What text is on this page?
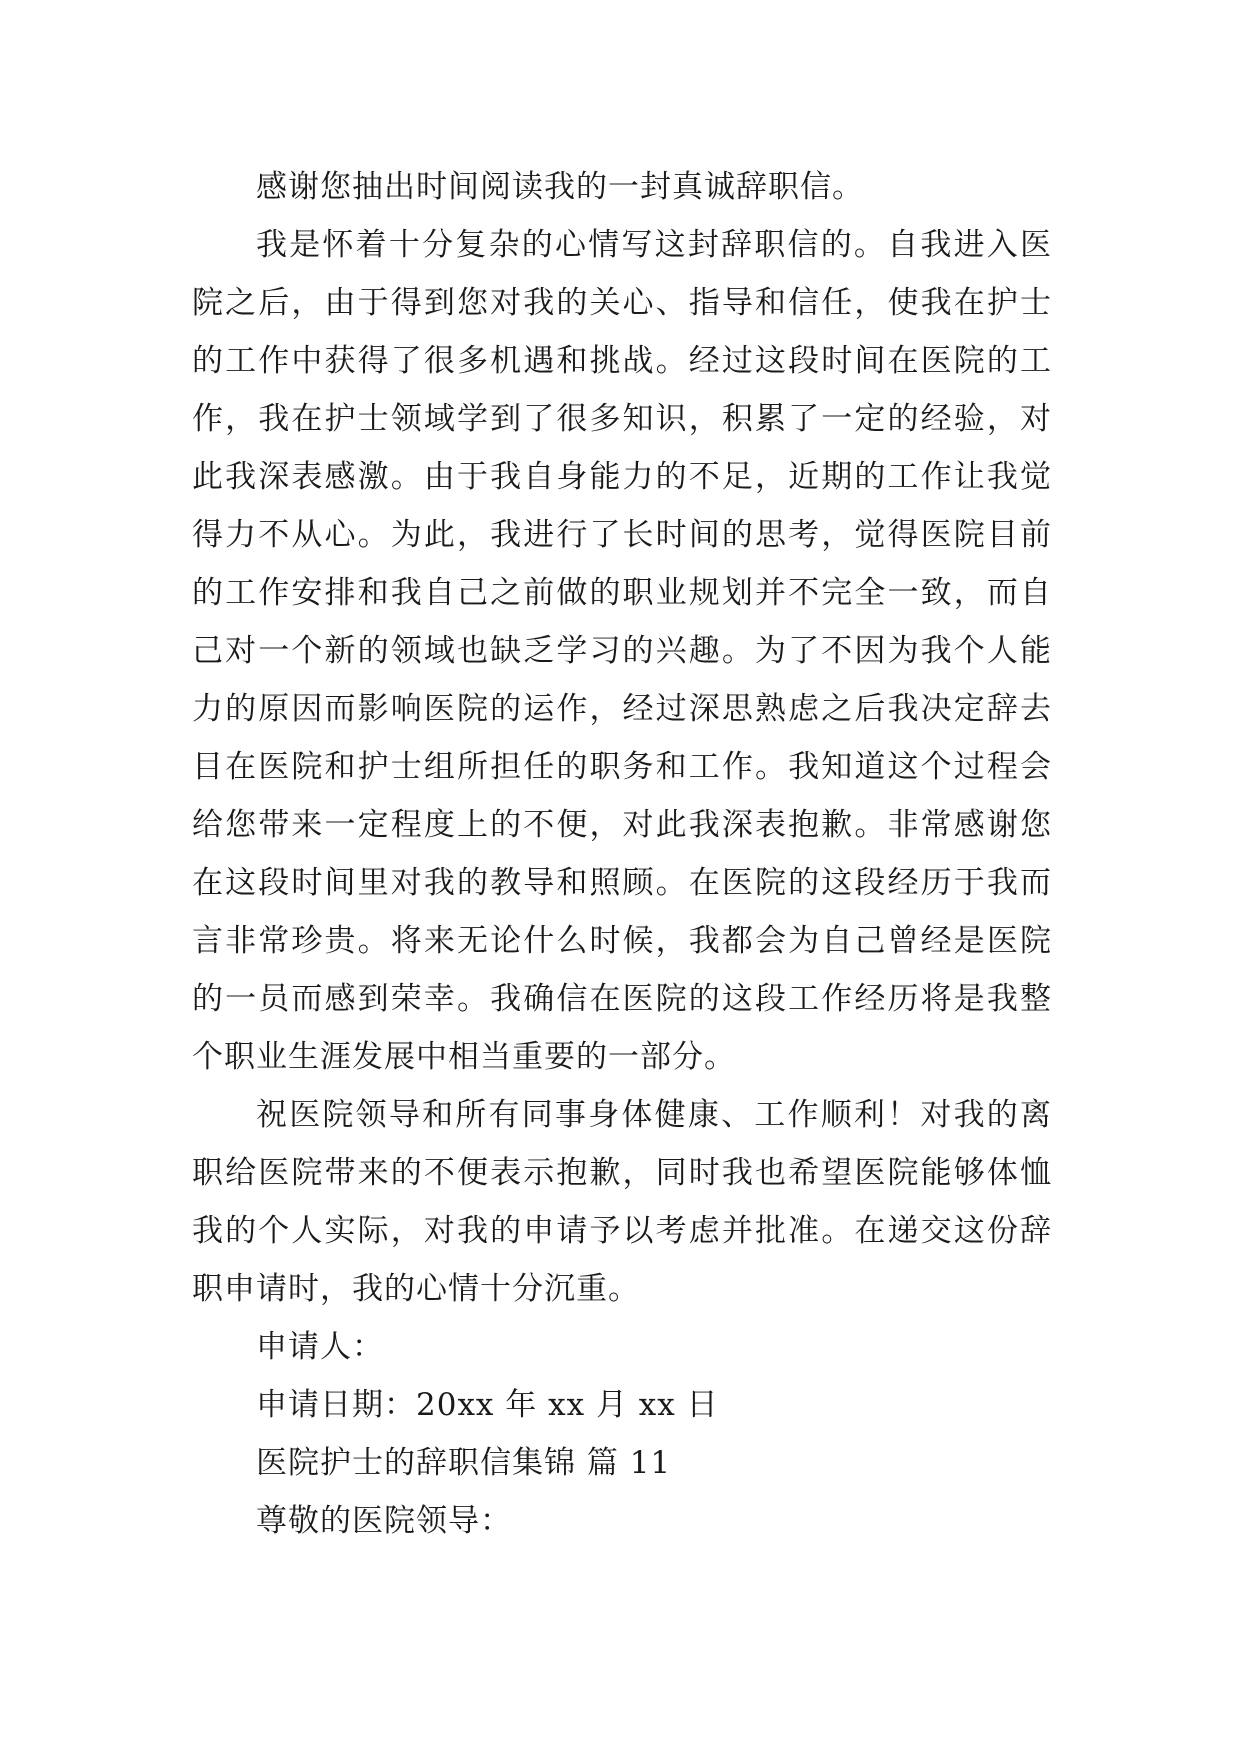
感谢您抽出时间阅读我的一封真诚辞职信。

我是怀着十分复杂的心情写这封辞职信的。自我进入医院之后，由于得到您对我的关心、指导和信任，使我在护士的工作中获得了很多机遇和挑战。经过这段时间在医院的工作，我在护士领域学到了很多知识，积累了一定的经验，对此我深表感激。由于我自身能力的不足，近期的工作让我觉得力不从心。为此，我进行了长时间的思考，觉得医院目前的工作安排和我自己之前做的职业规划并不完全一致，而自己对一个新的领域也缺乏学习的兴趣。为了不因为我个人能力的原因而影响医院的运作，经过深思熟虑之后我决定辞去目在医院和护士组所担任的职务和工作。我知道这个过程会给您带来一定程度上的不便，对此我深表抱歉。非常感谢您在这段时间里对我的教导和照顾。在医院的这段经历于我而言非常珍贵。将来无论什么时候，我都会为自己曾经是医院的一员而感到荣幸。我确信在医院的这段工作经历将是我整个职业生涯发展中相当重要的一部分。

祝医院领导和所有同事身体健康、工作顺利！对我的离职给医院带来的不便表示抱歉，同时我也希望医院能够体恤我的个人实际，对我的申请予以考虑并批准。在递交这份辞职申请时，我的心情十分沉重。

申请人：

申请日期：20xx 年 xx 月 xx 日

医院护士的辞职信集锦 篇 11

尊敬的医院领导：
